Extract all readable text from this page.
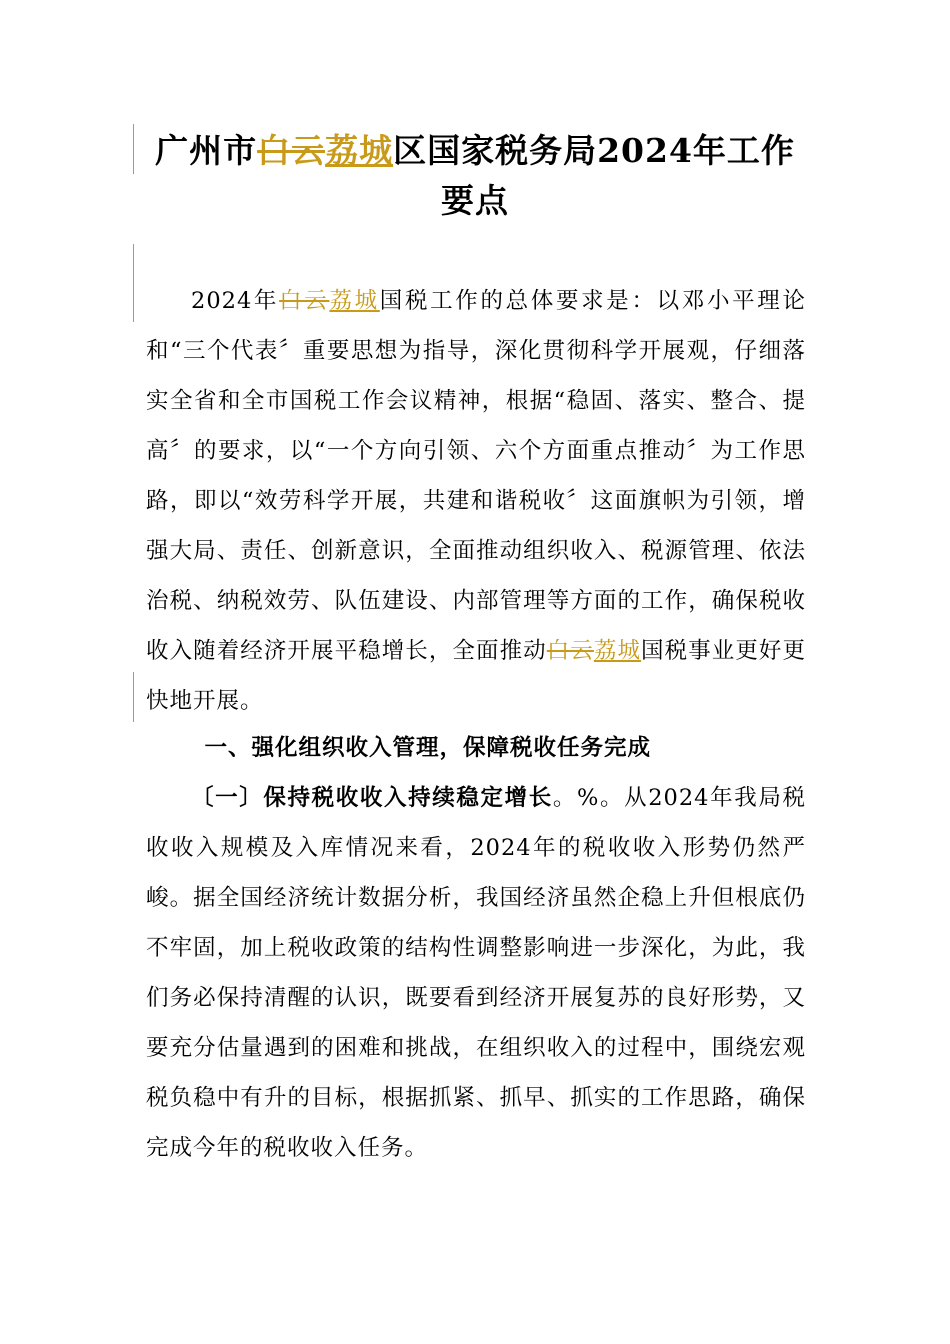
广州市白云荔城区国家税务局2024年工作
要点

2024年白云荔城国税工作的总体要求是：以邓小平理论和“三个代表〞重要思想为指导，深化贯彻科学开展观，仔细落实全省和全市国税工作会议精神，根据“稳固、落实、整合、提高〞的要求，以“一个方向引领、六个方面重点推动〞为工作思路，即以“效劳科学开展，共建和谐税收〞这面旗帜为引领，增强大局、责任、创新意识，全面推动组织收入、税源管理、依法治税、纳税效劳、队伍建设、内部管理等方面的工作，确保税收收入随着经济开展平稳增长，全面推动白云荔城国税事业更好更快地开展。

一、强化组织收入管理，保障税收任务完成

〔一〕保持税收收入持续稳定增长。%。从2024年我局税收收入规模及入库情况来看，2024年的税收收入形势仍然严峻。据全国经济统计数据分析，我国经济虽然企稳上升但根底仍不牢固，加上税收政策的结构性调整影响进一步深化，为此，我们务必保持清醒的认识，既要看到经济开展复苏的良好形势，又要充分估量遇到的困难和挑战，在组织收入的过程中，围绕宏观税负稳中有升的目标，根据抓紧、抓早、抓实的工作思路，确保完成今年的税收收入任务。
